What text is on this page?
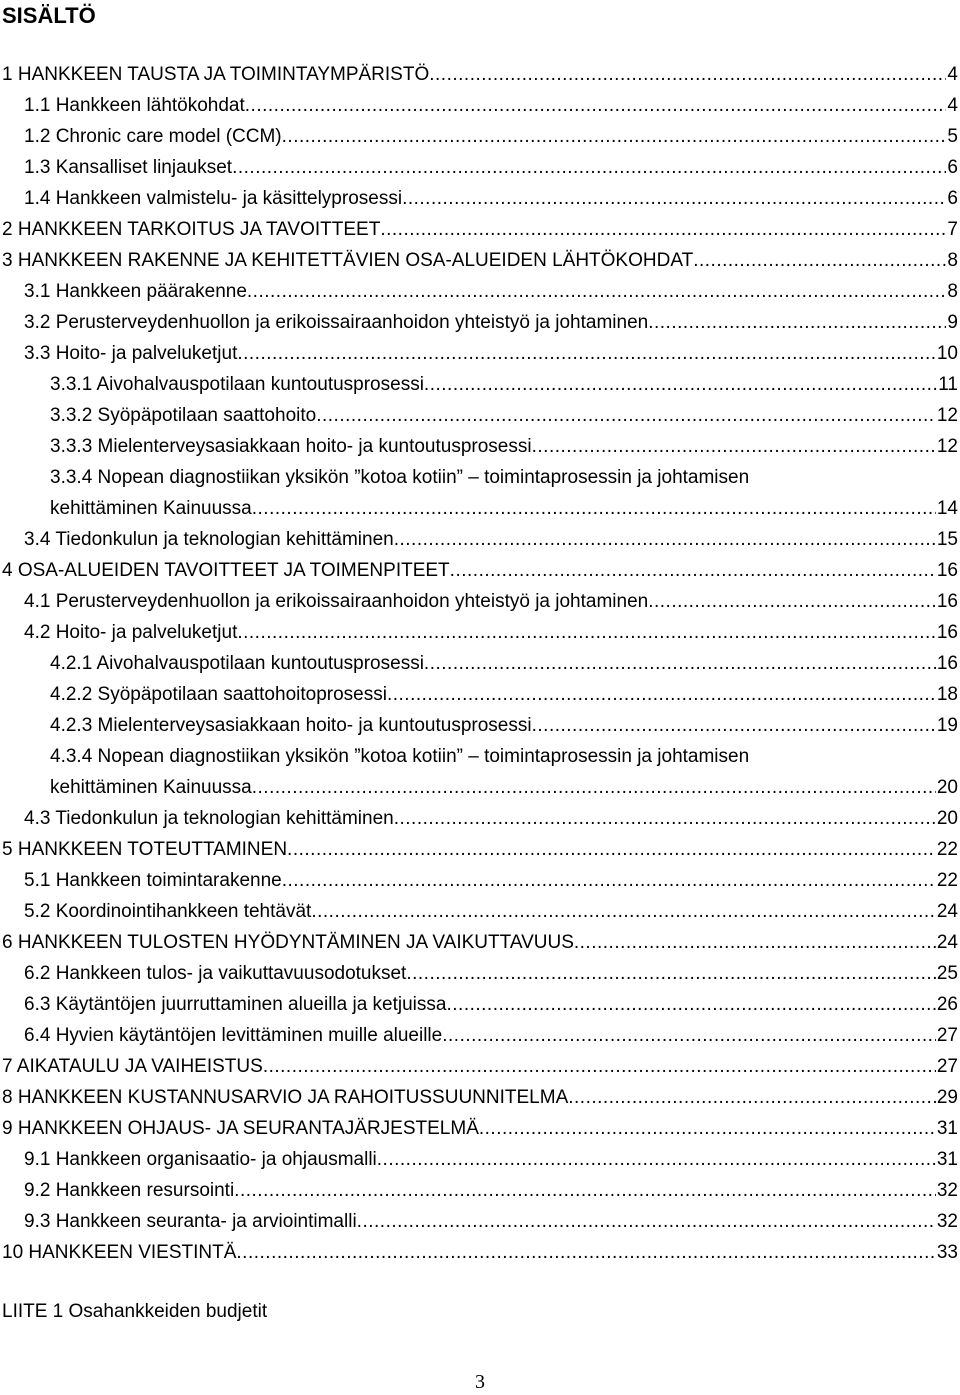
SISÄLTÖ
1 HANKKEEN TAUSTA JA TOIMINTAYMPÄRISTÖ .....	4
1.1 Hankkeen lähtökohdat .....	4
1.2 Chronic care model (CCM) .....	5
1.3 Kansalliset linjaukset .....	6
1.4 Hankkeen valmistelu- ja käsittelyprosessi .....	6
2 HANKKEEN TARKOITUS JA TAVOITTEET .....	7
3 HANKKEEN RAKENNE JA KEHITETTÄVIEN OSA-ALUEIDEN LÄHTÖKOHDAT .....	8
3.1 Hankkeen päärakenne .....	8
3.2 Perusterveydenhuollon ja erikoissairaanhoidon yhteistyö ja johtaminen .....	9
3.3 Hoito- ja palveluketjut .....	10
3.3.1 Aivohalvauspotilaan kuntoutusprosessi .....	11
3.3.2 Syöpäpotilaan saattohoito .....	12
3.3.3 Mielenterveysasiakkaan hoito- ja kuntoutusprosessi .....	12
3.3.4 Nopean diagnostiikan yksikön ”kotoa kotiin” – toimintaprosessin ja johtamisen
kehittäminen Kainuussa .....	14
3.4 Tiedonkulun ja teknologian kehittäminen .....	15
4 OSA-ALUEIDEN TAVOITTEET JA TOIMENPITEET .....	16
4.1 Perusterveydenhuollon ja erikoissairaanhoidon yhteistyö ja johtaminen .....	16
4.2 Hoito- ja palveluketjut .....	16
4.2.1 Aivohalvauspotilaan kuntoutusprosessi .....	16
4.2.2 Syöpäpotilaan saattohoitoprosessi .....	18
4.2.3 Mielenterveysasiakkaan hoito- ja kuntoutusprosessi .....	19
4.3.4 Nopean diagnostiikan yksikön ”kotoa kotiin” – toimintaprosessin ja johtamisen
kehittäminen Kainuussa .....	20
4.3 Tiedonkulun ja teknologian kehittäminen .....	20
5 HANKKEEN TOTEUTTAMINEN .....	22
5.1 Hankkeen toimintarakenne .....	22
5.2 Koordinointihankkeen tehtävät .....	24
6 HANKKEEN TULOSTEN HYÖDYNTÄMINEN JA VAIKUTTAVUUS .....	24
6.2 Hankkeen tulos- ja vaikuttavuusodotukset .....	25
6.3 Käytäntöjen juurruttaminen alueilla ja ketjuissa .....	26
6.4 Hyvien käytäntöjen levittäminen muille alueille .....	27
7 AIKATAULU JA VAIHEISTUS .....	27
8 HANKKEEN KUSTANNUSARVIO JA RAHOITUSSUUNNITELMA .....	29
9 HANKKEEN OHJAUS- JA SEURANTAJÄRJESTELMÄ .....	31
9.1 Hankkeen organisaatio- ja ohjausmalli .....	31
9.2 Hankkeen resursointi .....	32
9.3 Hankkeen seuranta- ja arviointimalli .....	32
10 HANKKEEN VIESTINTÄ .....	33
LIITE 1 Osahankkeiden budjetit
3
